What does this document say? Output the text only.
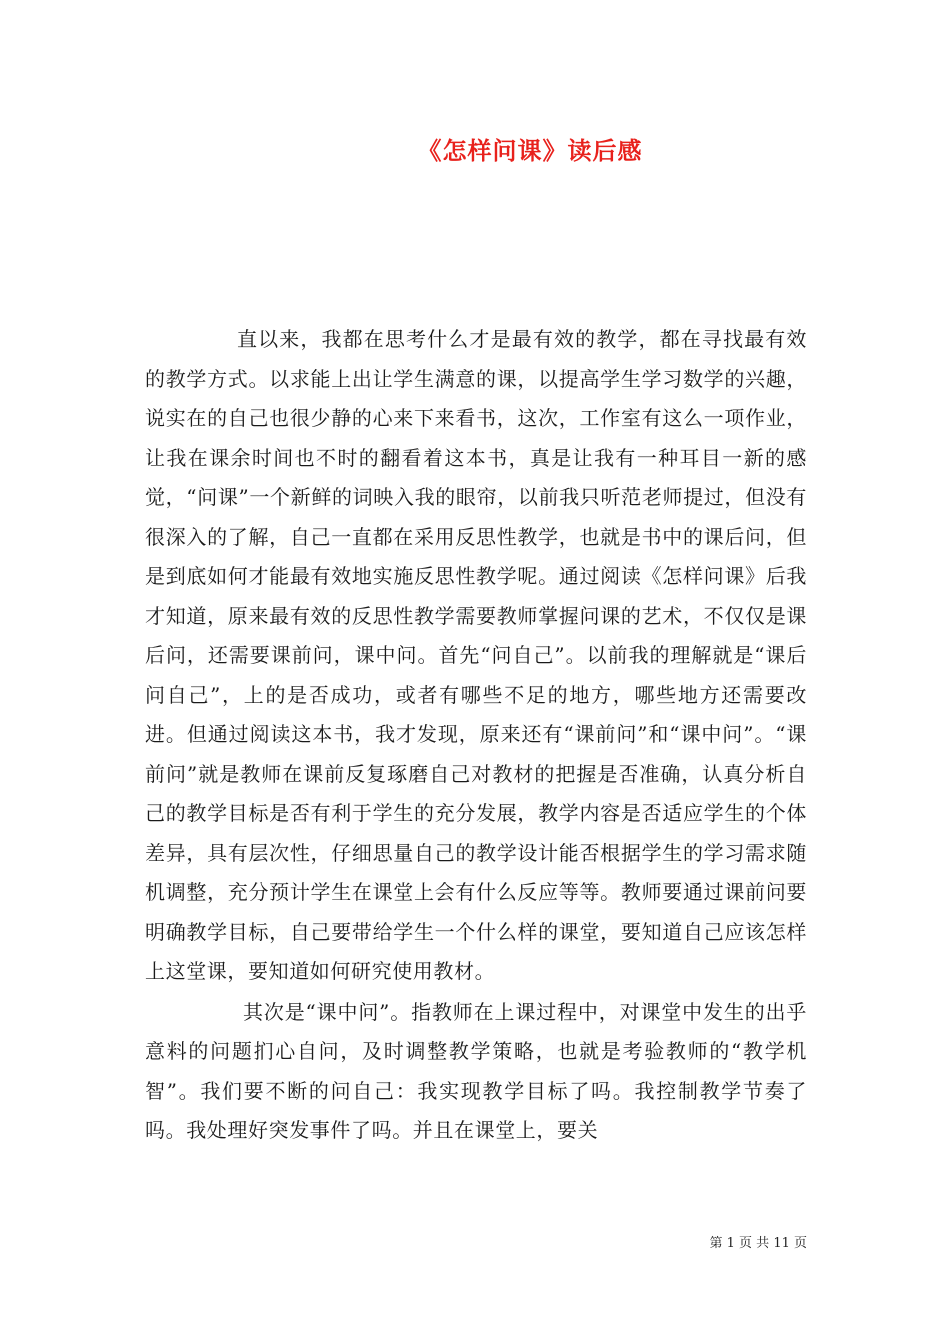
《怎样问课》读后感

直以来，我都在思考什么才是最有效的教学，都在寻找最有效的教学方式。以求能上出让学生满意的课，以提高学生学习数学的兴趣，说实在的自己也很少静的心来下来看书，这次，工作室有这么一项作业，让我在课余时间也不时的翻看着这本书，真是让我有一种耳目一新的感觉，“问课”一个新鲜的词映入我的眼帘，以前我只听范老师提过，但没有很深入的了解，自己一直都在采用反思性教学，也就是书中的课后问，但是到底如何才能最有效地实施反思性教学呢。通过阅读《怎样问课》后我才知道，原来最有效的反思性教学需要教师掌握问课的艺术，不仅仅是课后问，还需要课前问，课中问。首先“问自己”。以前我的理解就是“课后问自己”，上的是否成功，或者有哪些不足的地方，哪些地方还需要改进。但通过阅读这本书，我才发现，原来还有“课前问”和“课中问”。“课前问”就是教师在课前反复琢磨自己对教材的把握是否准确，认真分析自己的教学目标是否有利于学生的充分发展，教学内容是否适应学生的个体差异，具有层次性，仔细思量自己的教学设计能否根据学生的学习需求随机调整，充分预计学生在课堂上会有什么反应等等。教师要通过课前问要明确教学目标，自己要带给学生一个什么样的课堂，要知道自己应该怎样上这堂课，要知道如何研究使用教材。

其次是“课中问”。指教师在上课过程中，对课堂中发生的出乎意料的问题扪心自问，及时调整教学策略，也就是考验教师的“教学机智”。我们要不断的问自己：我实现教学目标了吗。我控制教学节奏了吗。我处理好突发事件了吗。并且在课堂上，要关

第 1 页 共 11 页
